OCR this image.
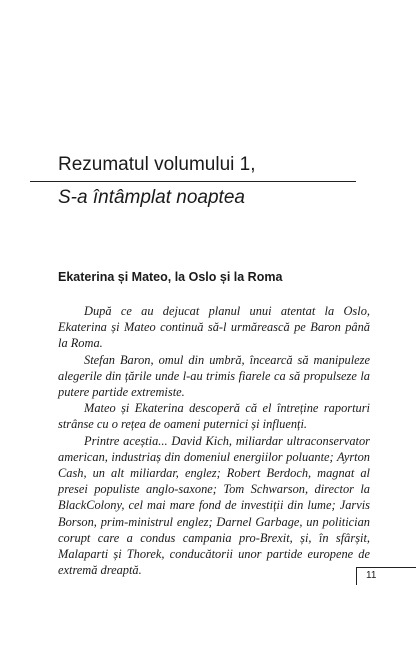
Rezumatul volumului 1,
S-a întâmplat noaptea
Ekaterina și Mateo, la Oslo și la Roma

După ce au dejucat planul unui atentat la Oslo, Ekaterina și Mateo continuă să-l urmărească pe Baron până la Roma.

Stefan Baron, omul din umbră, încearcă să manipuleze alegerile din țările unde l-au trimis fiarele ca să propulseze la putere partide extremiste.

Mateo și Ekaterina descoperă că el întreține raporturi strânse cu o rețea de oameni puternici și influenți.

Printre aceștia... David Kich, miliardar ultraconservator american, industriaș din domeniul energiilor poluante; Ayrton Cash, un alt miliardar, englez; Robert Berdoch, magnat al presei populiste anglo-saxone; Tom Schwarson, director la BlackColony, cel mai mare fond de investiții din lume; Jarvis Borson, prim-ministrul englez; Darnel Garbage, un politician corupt care a condus campania pro-Brexit, și, în sfârșit, Malaparti și Thorek, conducătorii unor partide europene de extremă dreaptă.	11
